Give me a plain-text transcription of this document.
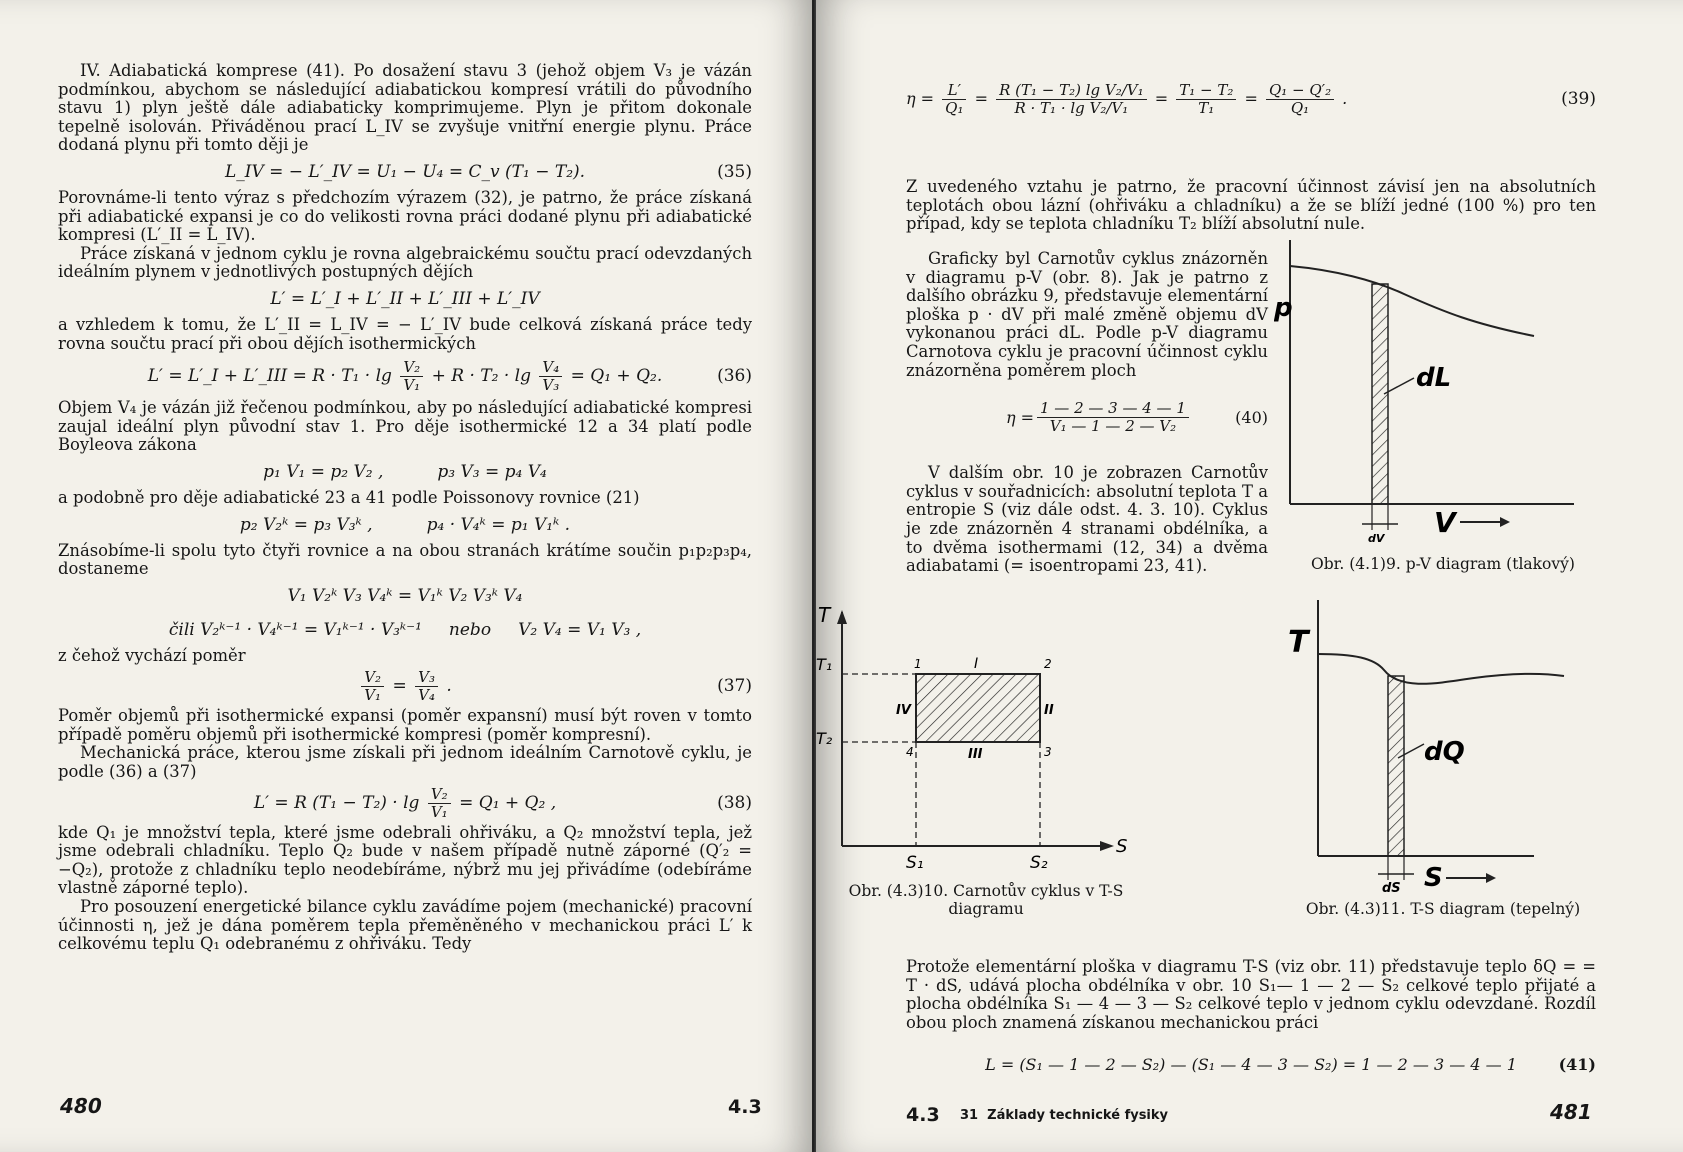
IV. Adiabatická komprese (41). Po dosažení stavu 3 (jehož objem V₃ je vázán podmínkou, abychom se následující adiabatickou kompresí vrátili do původního stavu 1) plyn ještě dále adiabaticky komprimujeme. Plyn je přitom dokonale tepelně isolován. Přiváděnou prací L_IV se zvyšuje vnitřní energie plynu. Práce dodaná plynu při tomto ději je

L_IV = − L′_IV = U₁ − U₄ = C_v (T₁ − T₂).	(35)

Porovnáme-li tento výraz s předchozím výrazem (32), je patrno, že práce získaná při adiabatické expansi je co do velikosti rovna práci dodané plynu při adiabatické kompresi (L′_II = L_IV).

Práce získaná v jednom cyklu je rovna algebraickému součtu prací odevzdaných ideálním plynem v jednotlivých postupných dějích

L′ = L′_I + L′_II + L′_III + L′_IV

a vzhledem k tomu, že L′_II = L_IV = − L′_IV bude celková získaná práce tedy rovna součtu prací při obou dějích isothermických

L′ = L′_I + L′_III = $R \cdot T_1 \cdot \lg \frac{\text{V₂}}{\text{V₁}} + R \cdot T_2 \cdot \lg \frac{\text{V₄}}{\text{V₃}} = Q_1 + Q_2$.	(36)

Objem V₄ je vázán již řečenou podmínkou, aby po následující adiabatické kompresi zaujal ideální plyn původní stav 1. Pro děje isothermické 12 a 34 platí podle Boyleova zákona

p₁ V₁ = p₂ V₂ ,          p₃ V₃ = p₄ V₄

a podobně pro děje adiabatické 23 a 41 podle Poissonovy rovnice (21)

p₂ V₂ᵏ = p₃ V₃ᵏ ,          p₄ · V₄ᵏ = p₁ V₁ᵏ .

Znásobíme-li spolu tyto čtyři rovnice a na obou stranách krátíme součin p₁p₂p₃p₄, dostaneme

V₁ V₂ᵏ V₃ V₄ᵏ = V₁ᵏ V₂ V₃ᵏ V₄
čili V₂ᵏ⁻¹ · V₄ᵏ⁻¹ = V₁ᵏ⁻¹ · V₃ᵏ⁻¹     nebo     V₂ V₄ = V₁ V₃ ,

z čehož vychází poměr

$\frac{\text{V₂}}{\text{V₁}} = \frac{\text{V₃}}{\text{V₄}}$ .	(37)

Poměr objemů při isothermické expansi (poměr expansní) musí být roven v tomto případě poměru objemů při isothermické kompresi (poměr kompresní).

Mechanická práce, kterou jsme získali při jednom ideálním Carnotově cyklu, je podle (36) a (37)

L′ = R $(T_1 - T_2) \cdot \lg \frac{\text{V₂}}{\text{V₁}} = Q_1 + Q_2$ ,	(38)

kde Q₁ je množství tepla, které jsme odebrali ohřiváku, a Q₂ množství tepla, jež jsme odebrali chladníku. Teplo Q₂ bude v našem případě nutně záporné (Q′₂ = −Q₂), protože z chladníku teplo neodebíráme, nýbrž mu jej přivádíme (odebíráme vlastně záporné teplo).

Pro posouzení energetické bilance cyklu zavádíme pojem (mechanické) pracovní účinnosti η, jež je dána poměrem tepla přeměněného v mechanickou práci L′ k celkovému teplu Q₁ odebranému z ohřiváku. Tedy

480	4.3
$\eta = \frac{L'}{\text{Q₁}} = \frac{\text{R (T₁ − T₂) lg V₂/V₁}}{\text{R · T₁ · lg V₂/V₁}} = \frac{\text{T₁ − T₂}}{\text{T₁}} = \frac{\text{Q₁ − Q′₂}}{\text{Q₁}}$ .	(39)

Z uvedeného vztahu je patrno, že pracovní účinnost závisí jen na absolutních teplotách obou lázní (ohřiváku a chladníku) a že se blíží jedné (100 %) pro ten případ, kdy se teplota chladníku T₂ blíží absolutní nule.

Graficky byl Carnotův cyklus znázorněn v diagramu p-V (obr. 8). Jak je patrno z dalšího obrázku 9, představuje elementární ploška p · dV při malé změně objemu dV vykonanou práci dL. Podle p-V diagramu Carnotova cyklu je pracovní účinnost cyklu znázorněna poměrem ploch

$\eta = \frac{1 — 2 — 3 — 4 — 1}{\text{V₁ — 1 — 2 — V₂}}$	(40)

V dalším obr. 10 je zobrazen Carnotův cyklus v souřadnicích: absolutní teplota T a entropie S (viz dále odst. 4. 3. 10). Cyklus je zde znázorněn 4 stranami obdélníka, a to dvěma isothermami (12, 34) a dvěma adiabatami (= isoentropami 23, 41).

p
dL
dV V
Obr. (4.1)9. p-V diagram (tlakový)
T
T₁
T₂
1	2
3
4
I
II
III
IV
S
S₁	S₂
Obr. (4.3)10. Carnotův cyklus v T-S diagramu
T
dQ
dS S
Obr. (4.3)11. T-S diagram (tepelný)

Protože elementární ploška v diagramu T-S (viz obr. 11) představuje teplo δQ = = T · dS, udává plocha obdélníka v obr. 10 S₁— 1 — 2 — S₂ celkové teplo přijaté a plocha obdélníka S₁ — 4 — 3 — S₂ celkové teplo v jednom cyklu odevzdané. Rozdíl obou ploch znamená získanou mechanickou práci

L = (S₁ — 1 — 2 — S₂) — (S₁ — 4 — 3 — S₂) = 1 — 2 — 3 — 4 — 1	(41)
4.3 31  Základy technické fysiky	481
